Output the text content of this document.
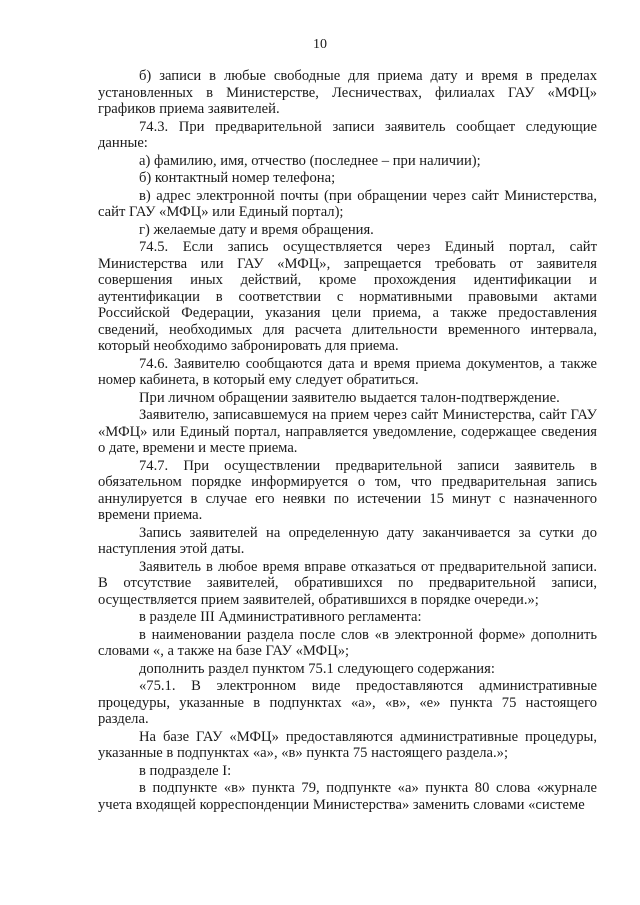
10

б) записи в любые свободные для приема дату и время в пределах установленных в Министерстве, Лесничествах, филиалах ГАУ «МФЦ» графиков приема заявителей.

74.3. При предварительной записи заявитель сообщает следующие данные:

а) фамилию, имя, отчество (последнее – при наличии);

б) контактный номер телефона;

в) адрес электронной почты (при обращении через сайт Министерства, сайт ГАУ «МФЦ» или Единый портал);

г) желаемые дату и время обращения.

74.5. Если запись осуществляется через Единый портал, сайт Министерства или ГАУ «МФЦ», запрещается требовать от заявителя совершения иных действий, кроме прохождения идентификации и аутентификации в соответствии с нормативными правовыми актами Российской Федерации, указания цели приема, а также предоставления сведений, необходимых для расчета длительности временного интервала, который необходимо забронировать для приема.

74.6. Заявителю сообщаются дата и время приема документов, а также номер кабинета, в который ему следует обратиться.

При личном обращении заявителю выдается талон-подтверждение.

Заявителю, записавшемуся на прием через сайт Министерства, сайт ГАУ «МФЦ» или Единый портал, направляется уведомление, содержащее сведения о дате, времени и месте приема.

74.7. При осуществлении предварительной записи заявитель в обязательном порядке информируется о том, что предварительная запись аннулируется в случае его неявки по истечении 15 минут с назначенного времени приема.

Запись заявителей на определенную дату заканчивается за сутки до наступления этой даты.

Заявитель в любое время вправе отказаться от предварительной записи. В отсутствие заявителей, обратившихся по предварительной записи, осуществляется прием заявителей, обратившихся в порядке очереди.»;

в разделе III Административного регламента:

в наименовании раздела после слов «в электронной форме» дополнить словами «, а также на базе ГАУ «МФЦ»;

дополнить раздел пунктом 75.1 следующего содержания:

«75.1. В электронном виде предоставляются административные процедуры, указанные в подпунктах «а», «в», «е» пункта 75 настоящего раздела.

На базе ГАУ «МФЦ» предоставляются административные процедуры, указанные в подпунктах «а», «в» пункта 75 настоящего раздела.»;

в подразделе I:

в подпункте «в» пункта 79, подпункте «а» пункта 80 слова «журнале учета входящей корреспонденции Министерства» заменить словами «системе
